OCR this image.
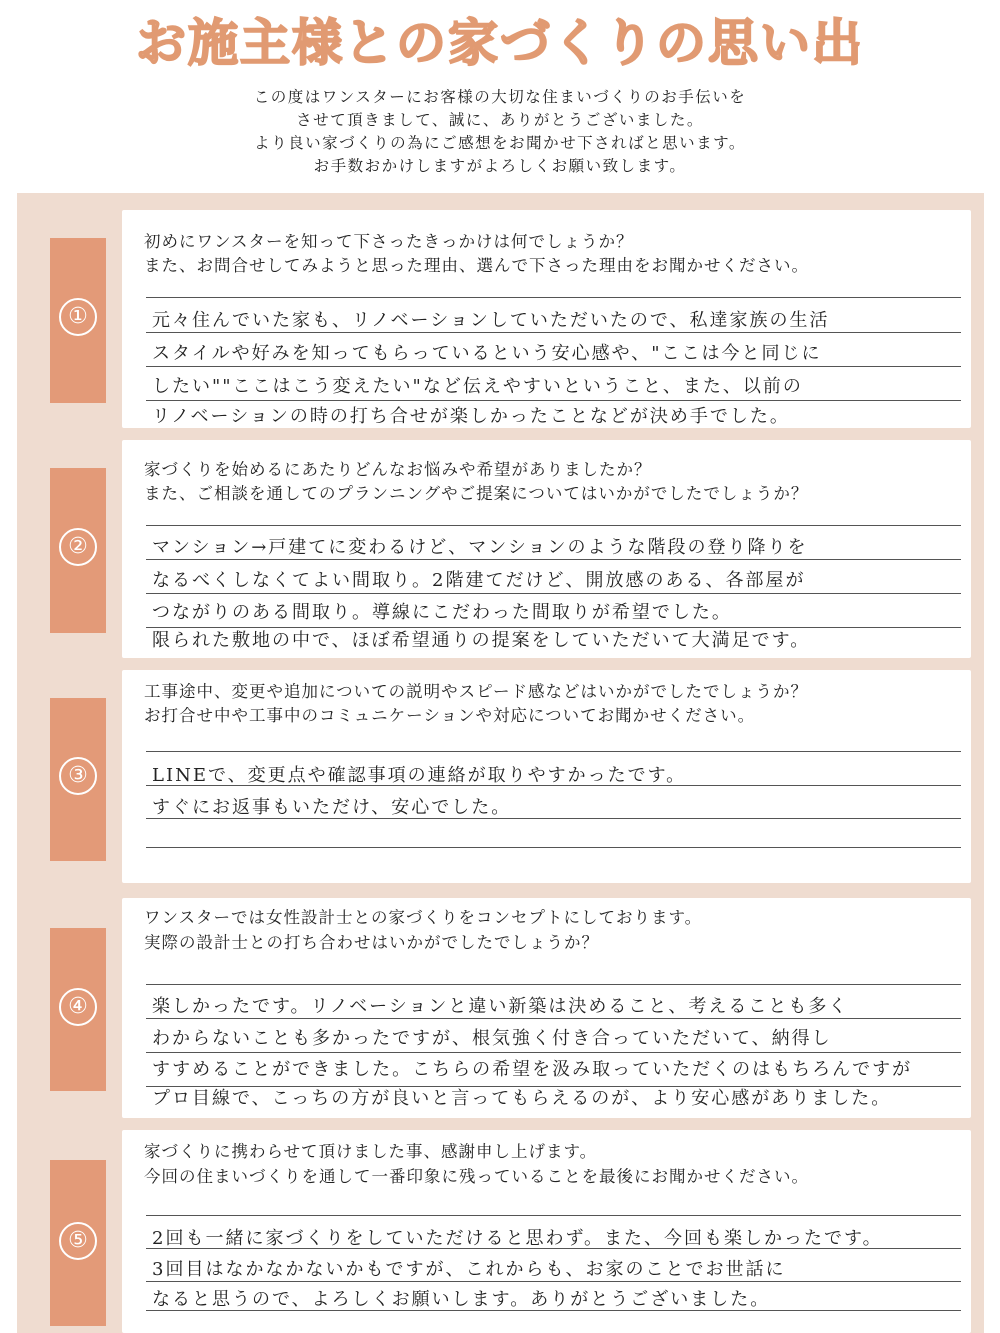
お施主様との家づくりの思い出
この度はワンスターにお客様の大切な住まいづくりのお手伝いを
させて頂きまして、誠に、ありがとうございました。
より良い家づくりの為にご感想をお聞かせ下さればと思います。
お手数おかけしますがよろしくお願い致します。
①
初めにワンスターを知って下さったきっかけは何でしょうか？
また、お問合せしてみようと思った理由、選んで下さった理由をお聞かせください。
元々住んでいた家も、リノベーションしていただいたので、私達家族の生活
スタイルや好みを知ってもらっているという安心感や、"ここは今と同じに
したい""ここはこう変えたい"など伝えやすいということ、また、以前の
リノベーションの時の打ち合せが楽しかったことなどが決め手でした。
②
家づくりを始めるにあたりどんなお悩みや希望がありましたか？
また、ご相談を通してのプランニングやご提案についてはいかがでしたでしょうか？
マンション→戸建てに変わるけど、マンションのような階段の登り降りを
なるべくしなくてよい間取り。2階建てだけど、開放感のある、各部屋が
つながりのある間取り。導線にこだわった間取りが希望でした。
限られた敷地の中で、ほぼ希望通りの提案をしていただいて大満足です。
③
工事途中、変更や追加についての説明やスピード感などはいかがでしたでしょうか？
お打合せ中や工事中のコミュニケーションや対応についてお聞かせください。
LINEで、変更点や確認事項の連絡が取りやすかったです。
すぐにお返事もいただけ、安心でした。
④
ワンスターでは女性設計士との家づくりをコンセプトにしております。
実際の設計士との打ち合わせはいかがでしたでしょうか？
楽しかったです。リノベーションと違い新築は決めること、考えることも多く
わからないことも多かったですが、根気強く付き合っていただいて、納得し
すすめることができました。こちらの希望を汲み取っていただくのはもちろんですが
プロ目線で、こっちの方が良いと言ってもらえるのが、より安心感がありました。
⑤
家づくりに携わらせて頂けました事、感謝申し上げます。
今回の住まいづくりを通して一番印象に残っていることを最後にお聞かせください。
2回も一緒に家づくりをしていただけると思わず。また、今回も楽しかったです。
3回目はなかなかないかもですが、これからも、お家のことでお世話に
なると思うので、よろしくお願いします。ありがとうございました。
